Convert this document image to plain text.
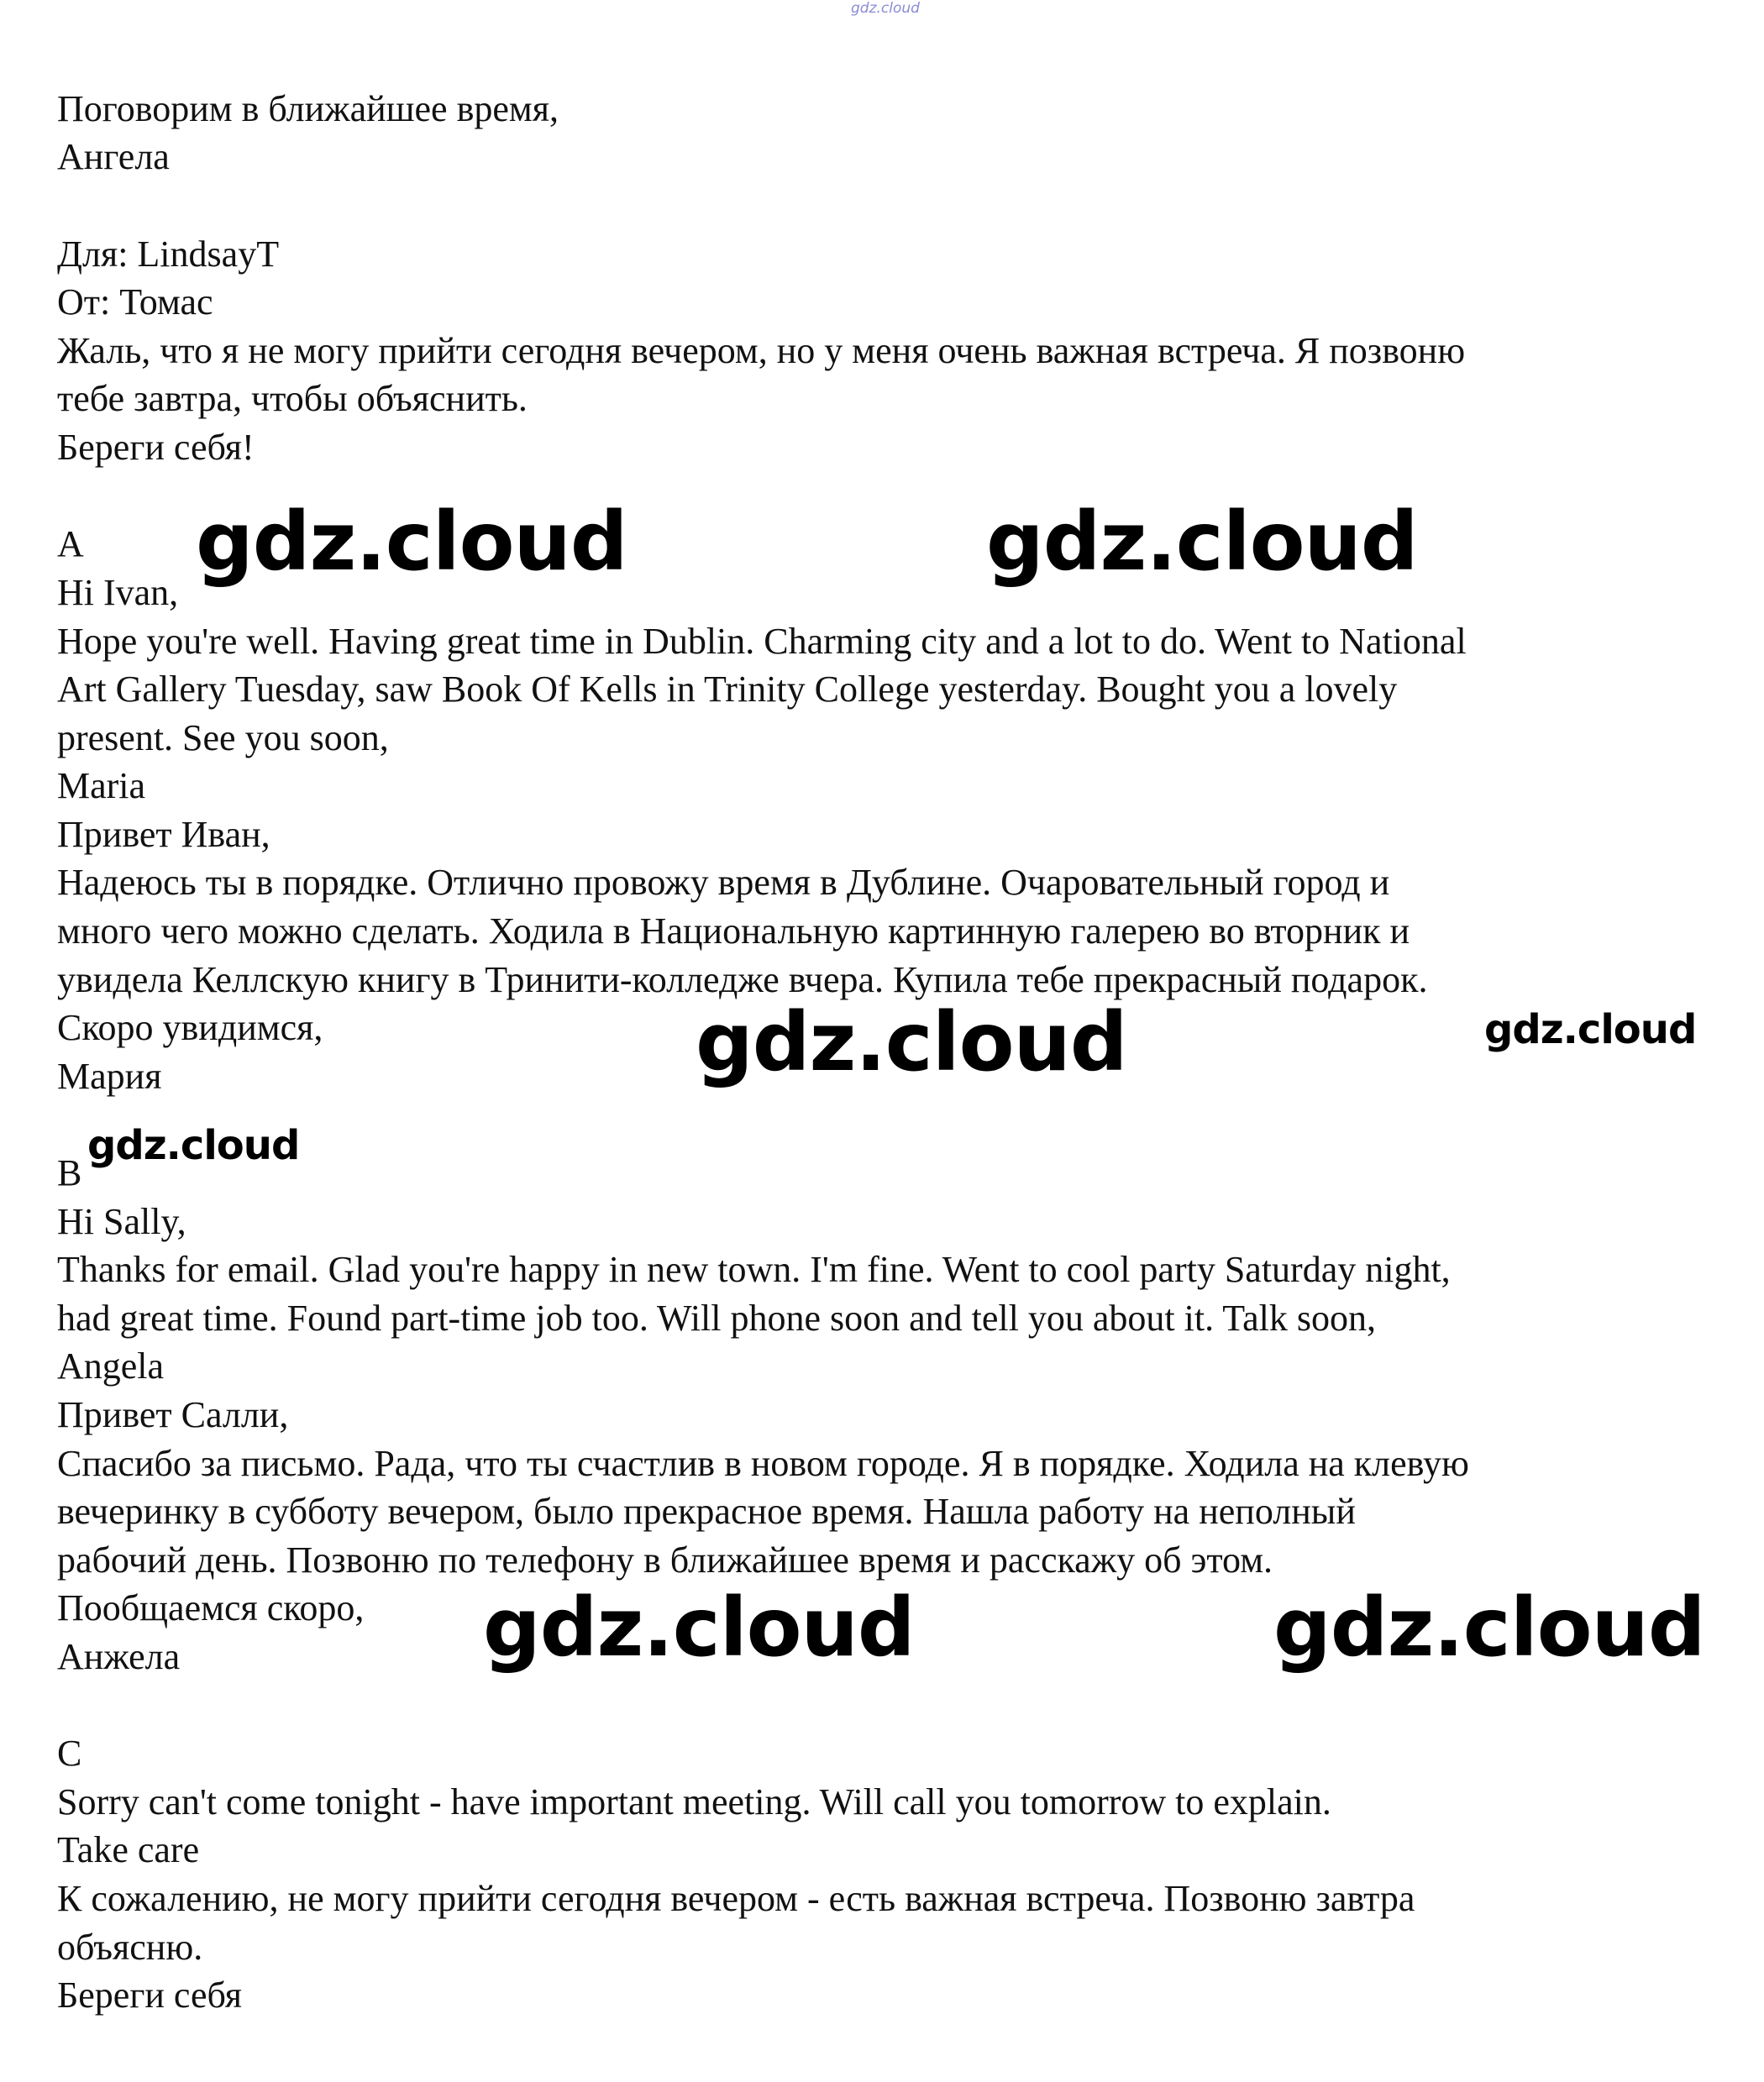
gdz.cloud
Поговорим в ближайшее время,
Ангела
Для: LindsayT
От: Томас
Жаль, что я не могу прийти сегодня вечером, но у меня очень важная встреча. Я позвоню
тебе завтра, чтобы объяснить.
Береги себя!
A
Hi Ivan,
Hope you're well. Having great time in Dublin. Charming city and a lot to do. Went to National
Art Gallery Tuesday, saw Book Of Kells in Trinity College yesterday. Bought you a lovely
present. See you soon,
Maria
Привет Иван,
Надеюсь ты в порядке. Отлично провожу время в Дублине. Очаровательный город и
много чего можно сделать. Ходила в Национальную картинную галерею во вторник и
увидела Келлскую книгу в Тринити-колледже вчера. Купила тебе прекрасный подарок.
Скоро увидимся,
Мария
B
Hi Sally,
Thanks for email. Glad you're happy in new town. I'm fine. Went to cool party Saturday night,
had great time. Found part-time job too. Will phone soon and tell you about it. Talk soon,
Angela
Привет Салли,
Спасибо за письмо. Рада, что ты счастлив в новом городе. Я в порядке. Ходила на клевую
вечеринку в субботу вечером, было прекрасное время. Нашла работу на неполный
рабочий день. Позвоню по телефону в ближайшее время и расскажу об этом.
Пообщаемся скоро,
Анжела
C
Sorry can't come tonight - have important meeting. Will call you tomorrow to explain.
Take care
К сожалению, не могу прийти сегодня вечером - есть важная встреча. Позвоню завтра
объясню.
Береги себя
gdz.cloud	gdz.cloud
gdz.cloud	gdz.cloud
gdz.cloud
gdz.cloud	gdz.cloud
